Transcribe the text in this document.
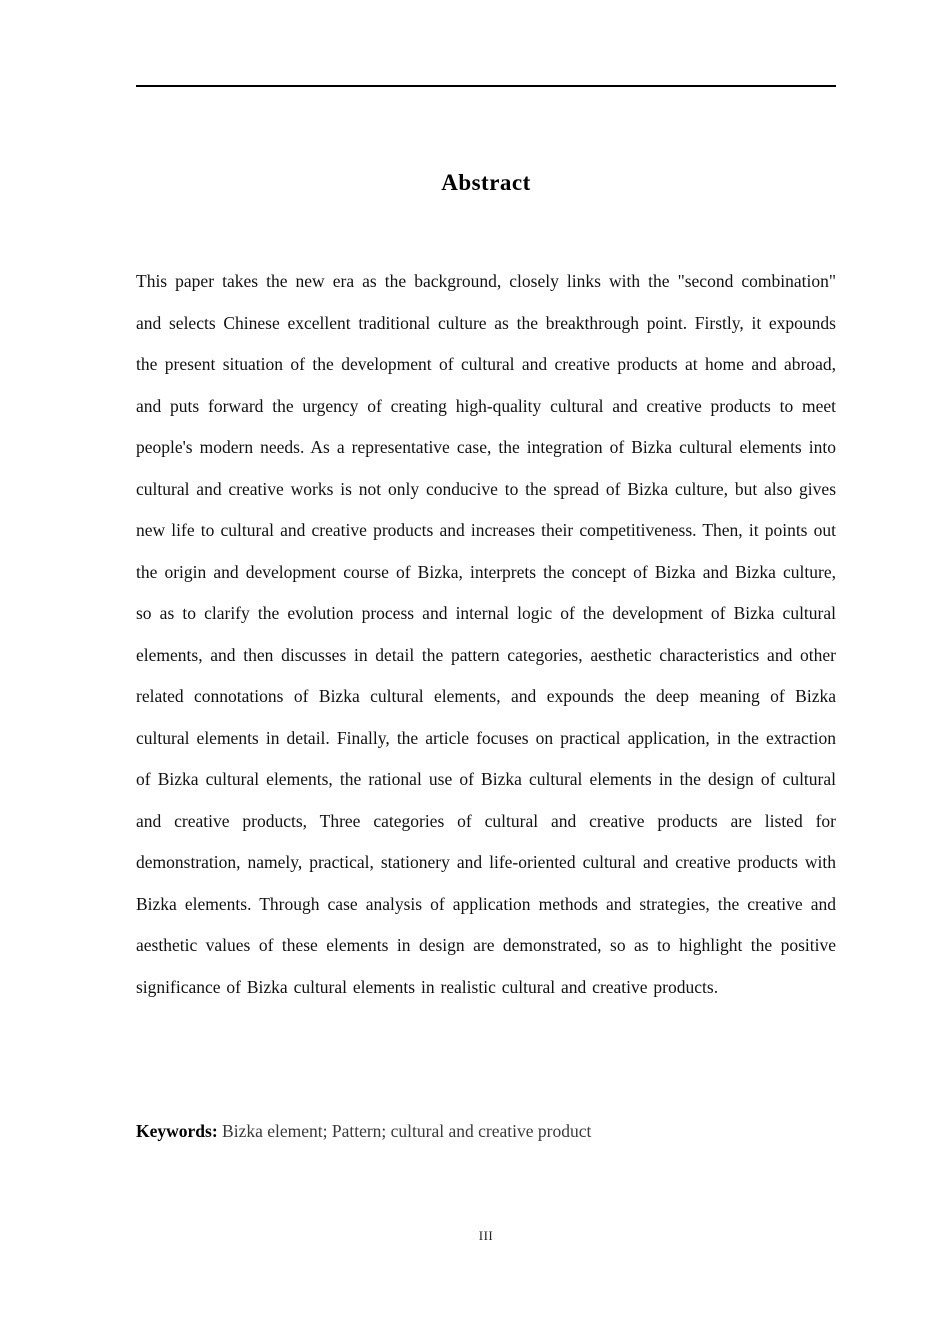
Abstract

This paper takes the new era as the background, closely links with the "second combination" and selects Chinese excellent traditional culture as the breakthrough point. Firstly, it expounds the present situation of the development of cultural and creative products at home and abroad, and puts forward the urgency of creating high-quality cultural and creative products to meet people's modern needs. As a representative case, the integration of Bizka cultural elements into cultural and creative works is not only conducive to the spread of Bizka culture, but also gives new life to cultural and creative products and increases their competitiveness. Then, it points out the origin and development course of Bizka, interprets the concept of Bizka and Bizka culture, so as to clarify the evolution process and internal logic of the development of Bizka cultural elements, and then discusses in detail the pattern categories, aesthetic characteristics and other related connotations of Bizka cultural elements, and expounds the deep meaning of Bizka cultural elements in detail. Finally, the article focuses on practical application, in the extraction of Bizka cultural elements, the rational use of Bizka cultural elements in the design of cultural and creative products, Three categories of cultural and creative products are listed for demonstration, namely, practical, stationery and life-oriented cultural and creative products with Bizka elements. Through case analysis of application methods and strategies, the creative and aesthetic values of these elements in design are demonstrated, so as to highlight the positive significance of Bizka cultural elements in realistic cultural and creative products.

Keywords: Bizka element; Pattern; cultural and creative product

III
